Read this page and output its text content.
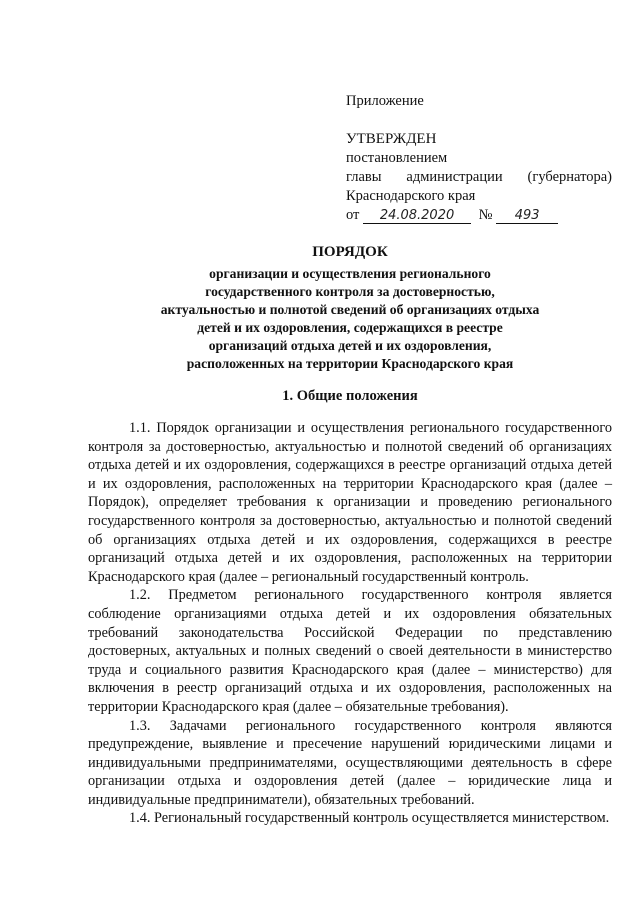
Приложение
УТВЕРЖДЕН
постановлением
главы администрации (губернатора)
Краснодарского края
от 24.08.2020 № 493
ПОРЯДОК
организации и осуществления регионального
государственного контроля за достоверностью,
актуальностью и полнотой сведений об организациях отдыха
детей и их оздоровления, содержащихся в реестре
организаций отдыха детей и их оздоровления,
расположенных на территории Краснодарского края
1. Общие положения

1.1. Порядок организации и осуществления регионального государственного контроля за достоверностью, актуальностью и полнотой сведений об организациях отдыха детей и их оздоровления, содержащихся в реестре организаций отдыха детей и их оздоровления, расположенных на территории Краснодарского края (далее – Порядок), определяет требования к организации и проведению регионального государственного контроля за достоверностью, актуальностью и полнотой сведений об организациях отдыха детей и их оздоровления, содержащихся в реестре организаций отдыха детей и их оздоровления, расположенных на территории Краснодарского края (далее – региональный государственный контроль.

1.2. Предметом регионального государственного контроля является соблюдение организациями отдыха детей и их оздоровления обязательных требований законодательства Российской Федерации по представлению достоверных, актуальных и полных сведений о своей деятельности в министерство труда и социального развития Краснодарского края (далее – министерство) для включения в реестр организаций отдыха и их оздоровления, расположенных на территории Краснодарского края (далее – обязательные требования).

1.3. Задачами регионального государственного контроля являются предупреждение, выявление и пресечение нарушений юридическими лицами и индивидуальными предпринимателями, осуществляющими деятельность в сфере организации отдыха и оздоровления детей (далее – юридические лица и индивидуальные предприниматели), обязательных требований.

1.4. Региональный государственный контроль осуществляется министерством.
